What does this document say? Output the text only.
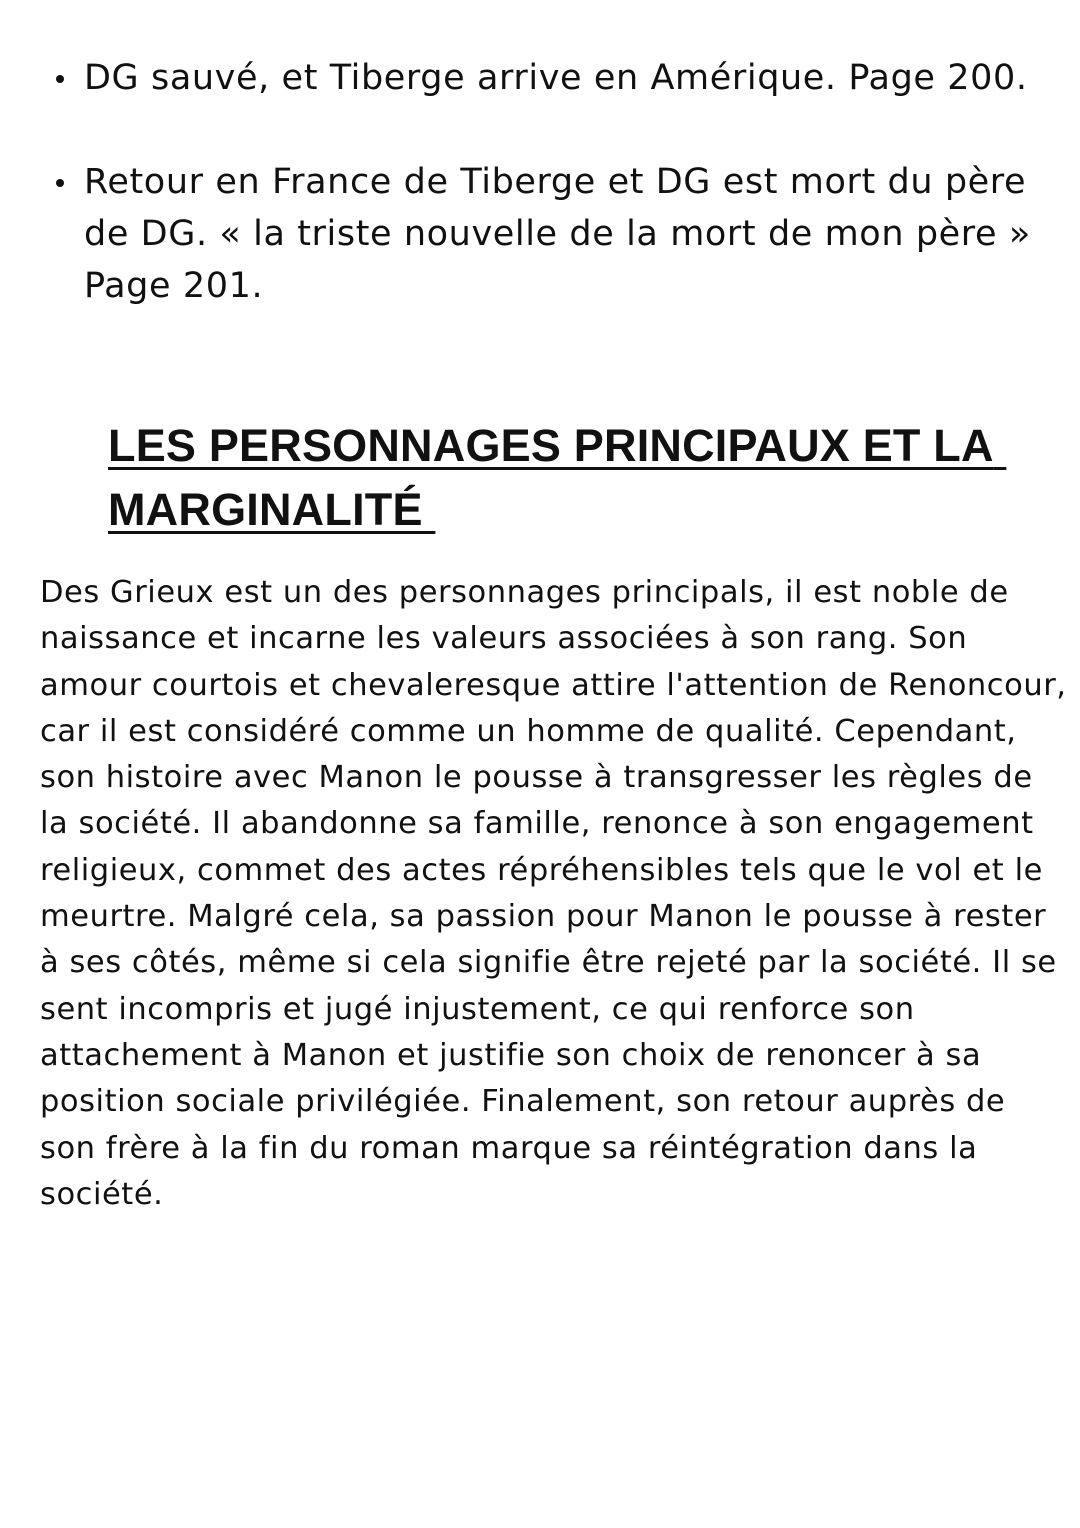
DG sauvé, et Tiberge arrive en Amérique. Page 200.
Retour en France de Tiberge et DG est mort du père de DG. « la triste nouvelle de la mort de mon père » Page 201.
LES PERSONNAGES PRINCIPAUX ET LA MARGINALITÉ

Des Grieux est un des personnages principals, il est noble de naissance et incarne les valeurs associées à son rang. Son amour courtois et chevaleresque attire l'attention de Renoncour, car il est considéré comme un homme de qualité. Cependant, son histoire avec Manon le pousse à transgresser les règles de la société. Il abandonne sa famille, renonce à son engagement religieux, commet des actes répréhensibles tels que le vol et le meurtre. Malgré cela, sa passion pour Manon le pousse à rester à ses côtés, même si cela signifie être rejeté par la société. Il se sent incompris et jugé injustement, ce qui renforce son attachement à Manon et justifie son choix de renoncer à sa position sociale privilégiée. Finalement, son retour auprès de son frère à la fin du roman marque sa réintégration dans la société.
